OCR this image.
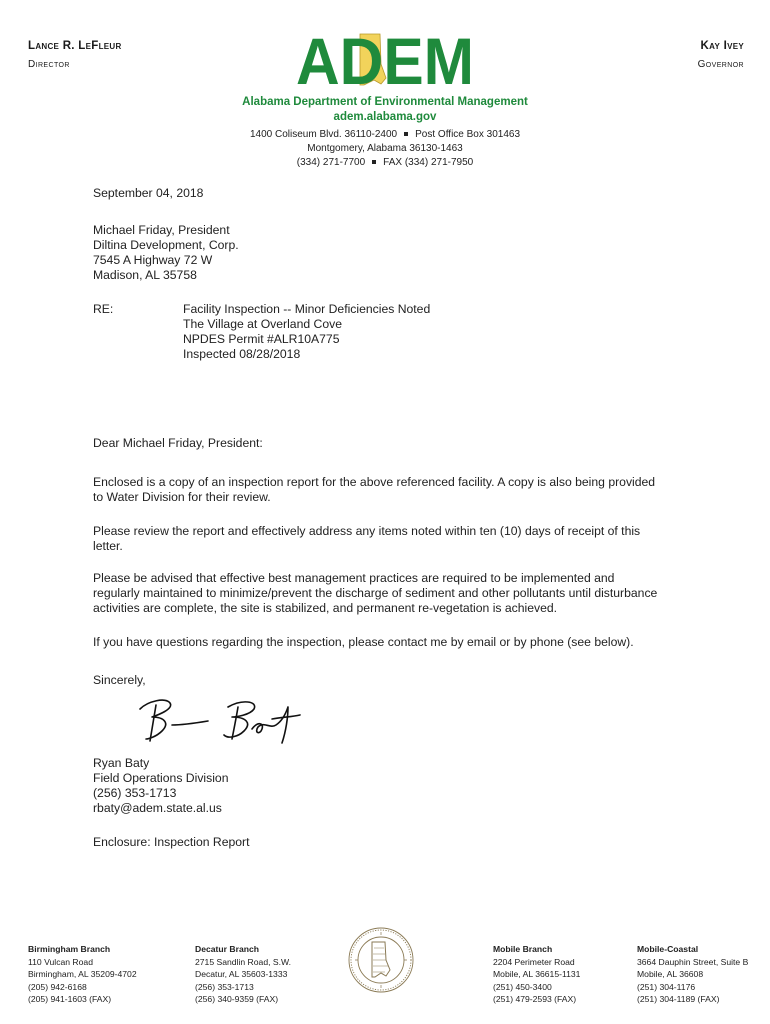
Lance R. LeFleur
Director
Kay Ivey
Governor
ADEM
Alabama Department of Environmental Management
adem.alabama.gov
1400 Coliseum Blvd. 36110-2400 Post Office Box 301463
Montgomery, Alabama 36130-1463
(334) 271-7700 FAX (334) 271-7950
September 04, 2018
Michael Friday, President
Diltina Development, Corp.
7545 A Highway 72 W
Madison, AL 35758
RE:	Facility Inspection -- Minor Deficiencies Noted
The Village at Overland Cove
NPDES Permit #ALR10A775
Inspected 08/28/2018
Dear Michael Friday, President:
Enclosed is a copy of an inspection report for the above referenced facility. A copy is also being provided
to Water Division for their review.
Please review the report and effectively address any items noted within ten (10) days of receipt of this
letter.
Please be advised that effective best management practices are required to be implemented and
regularly maintained to minimize/prevent the discharge of sediment and other pollutants until disturbance
activities are complete, the site is stabilized, and permanent re-vegetation is achieved.
If you have questions regarding the inspection, please contact me by email or by phone (see below).
Sincerely,
Ryan Baty
Field Operations Division
(256) 353-1713
rbaty@adem.state.al.us
Enclosure: Inspection Report
Birmingham Branch
110 Vulcan Road
Birmingham, AL 35209-4702
(205) 942-6168
(205) 941-1603 (FAX)
Decatur Branch
2715 Sandlin Road, S.W.
Decatur, AL 35603-1333
(256) 353-1713
(256) 340-9359 (FAX)
Mobile Branch
2204 Perimeter Road
Mobile, AL 36615-1131
(251) 450-3400
(251) 479-2593 (FAX)
Mobile-Coastal
3664 Dauphin Street, Suite B
Mobile, AL 36608
(251) 304-1176
(251) 304-1189 (FAX)
